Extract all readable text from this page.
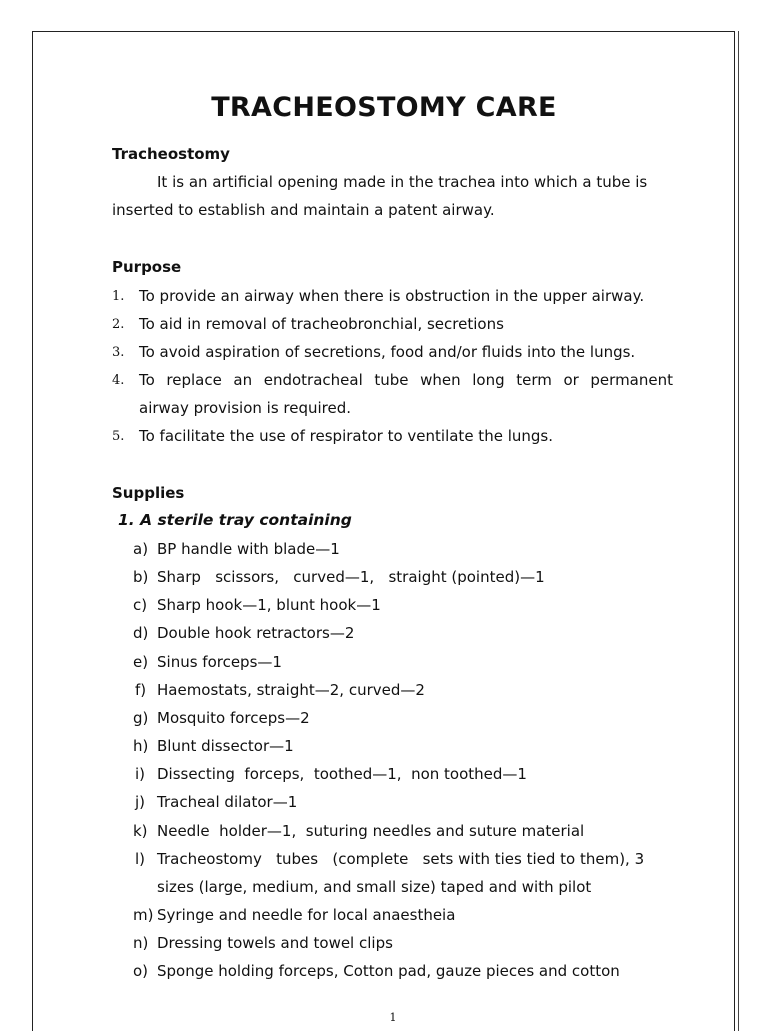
TRACHEOSTOMY CARE
Tracheostomy
It is an artificial opening made in the trachea into which a tube is
inserted to establish and maintain a patent airway.
Purpose
1. To provide an airway when there is obstruction in the upper airway.
2. To aid in removal of tracheobronchial, secretions
3. To avoid aspiration of secretions, food and/or fluids into the lungs.
4. To replace an endotracheal tube when long term or permanent
airway provision is required.
5. To facilitate the use of respirator to ventilate the lungs.
Supplies
1. A sterile tray containing
a) BP handle with blade—1
b) Sharp   scissors,   curved—1,   straight (pointed)—1
c) Sharp hook—1, blunt hook—1
d) Double hook retractors—2
e) Sinus forceps—1
f) Haemostats, straight—2, curved—2
g) Mosquito forceps—2
h) Blunt dissector—1
i) Dissecting  forceps,  toothed—1,  non toothed—1
j) Tracheal dilator—1
k) Needle  holder—1,  suturing needles and suture material
l) Tracheostomy   tubes   (complete   sets with ties tied to them), 3
sizes (large, medium, and small size) taped and with pilot
m) Syringe and needle for local anaestheia
n) Dressing towels and towel clips
o) Sponge holding forceps, Cotton pad, gauze pieces and cotton
1
